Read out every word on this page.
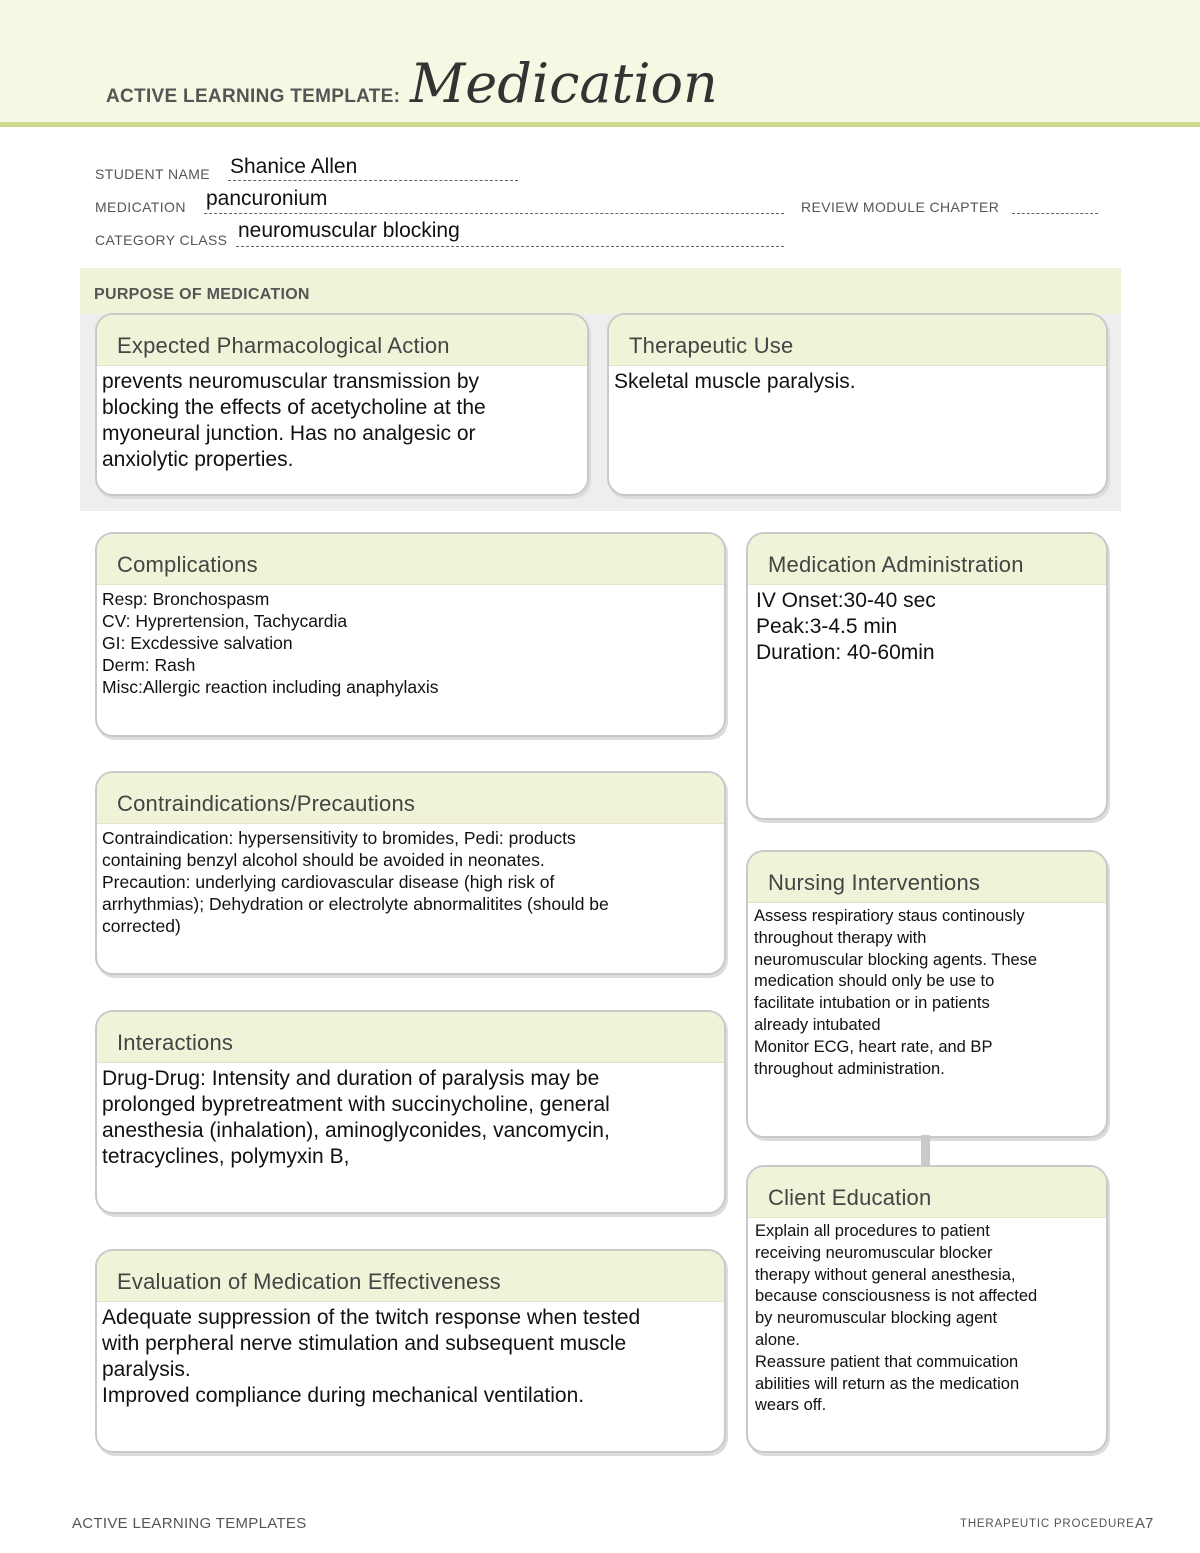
ACTIVE LEARNING TEMPLATE: Medication
STUDENT NAME Shanice Allen
MEDICATION pancuronium	REVIEW MODULE CHAPTER
CATEGORY CLASS neuromuscular blocking
PURPOSE OF MEDICATION
Expected Pharmacological Action
prevents neuromuscular transmission by
blocking the effects of acetycholine at the
myoneural junction. Has no analgesic or
anxiolytic properties.
Therapeutic Use
Skeletal muscle paralysis.
Complications
Resp: Bronchospasm
CV: Hyprertension, Tachycardia
GI: Excdessive salvation
Derm: Rash
Misc:Allergic reaction including anaphylaxis
Contraindications/Precautions
Contraindication: hypersensitivity to bromides, Pedi: products
containing benzyl alcohol should be avoided in neonates.
Precaution: underlying cardiovascular disease (high risk of
arrhythmias); Dehydration or electrolyte abnormalitites (should be
corrected)
Interactions
Drug-Drug: Intensity and duration of paralysis may be
prolonged bypretreatment with succinycholine, general
anesthesia (inhalation), aminoglyconides, vancomycin,
tetracyclines, polymyxin B,
Evaluation of Medication Effectiveness
Adequate suppression of the twitch response when tested
with perpheral nerve stimulation and subsequent muscle
paralysis.
Improved compliance during mechanical ventilation.
Medication Administration
IV Onset:30-40 sec
Peak:3-4.5 min
Duration: 40-60min
Nursing Interventions
Assess respiratiory staus continously
throughout therapy with
neuromuscular blocking agents. These
medication should only be use to
facilitate intubation or in patients
already intubated
Monitor ECG, heart rate, and BP
throughout administration.
Client Education
Explain all procedures to patient
receiving neuromuscular blocker
therapy without general anesthesia,
because consciousness is not affected
by neuromuscular blocking agent
alone.
Reassure patient that commuication
abilities will return as the medication
wears off.
ACTIVE LEARNING TEMPLATES	THERAPEUTIC PROCEDURE A7
